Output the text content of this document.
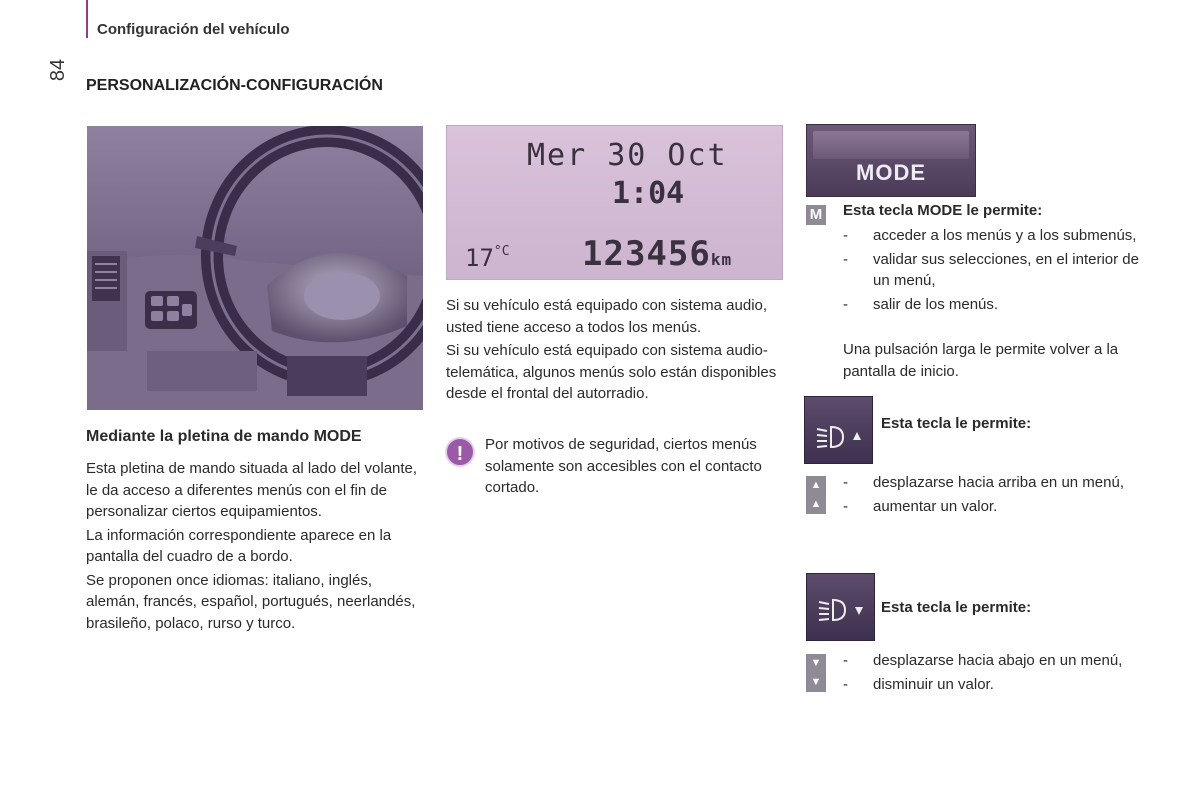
Configuración del vehículo
84
PERSONALIZACIÓN-CONFIGURACIÓN
Mediante la pletina de mando MODE

Esta pletina de mando situada al lado del volante, le da acceso a diferentes menús con el fin de personalizar ciertos equipamientos.

La información correspondiente aparece en la pantalla del cuadro de a bordo.

Se proponen once idiomas: italiano, inglés, alemán, francés, español, portugués, neerlandés, brasileño, polaco, rurso y turco.

Mer 30 Oct
1:04
$17^{^\circ C}$ 123456km

Si su vehículo está equipado con sistema audio, usted tiene acceso a todos los menús.

Si su vehículo está equipado con sistema audio-telemática, algunos menús solo están disponibles desde el frontal del autorradio.

!	Por motivos de seguridad, ciertos menús solamente son accesibles con el contacto cortado.

MODE
M Esta tecla MODE le permite:
- acceder a los menús y a los submenús,
- validar sus selecciones, en el interior de un menú,
- salir de los menús.

Una pulsación larga le permite volver a la pantalla de inicio.

Esta tecla le permite:
▲
▲
- desplazarse hacia arriba en un menú,
- aumentar un valor.
Esta tecla le permite:
▼
▼
- desplazarse hacia abajo en un menú,
- disminuir un valor.
